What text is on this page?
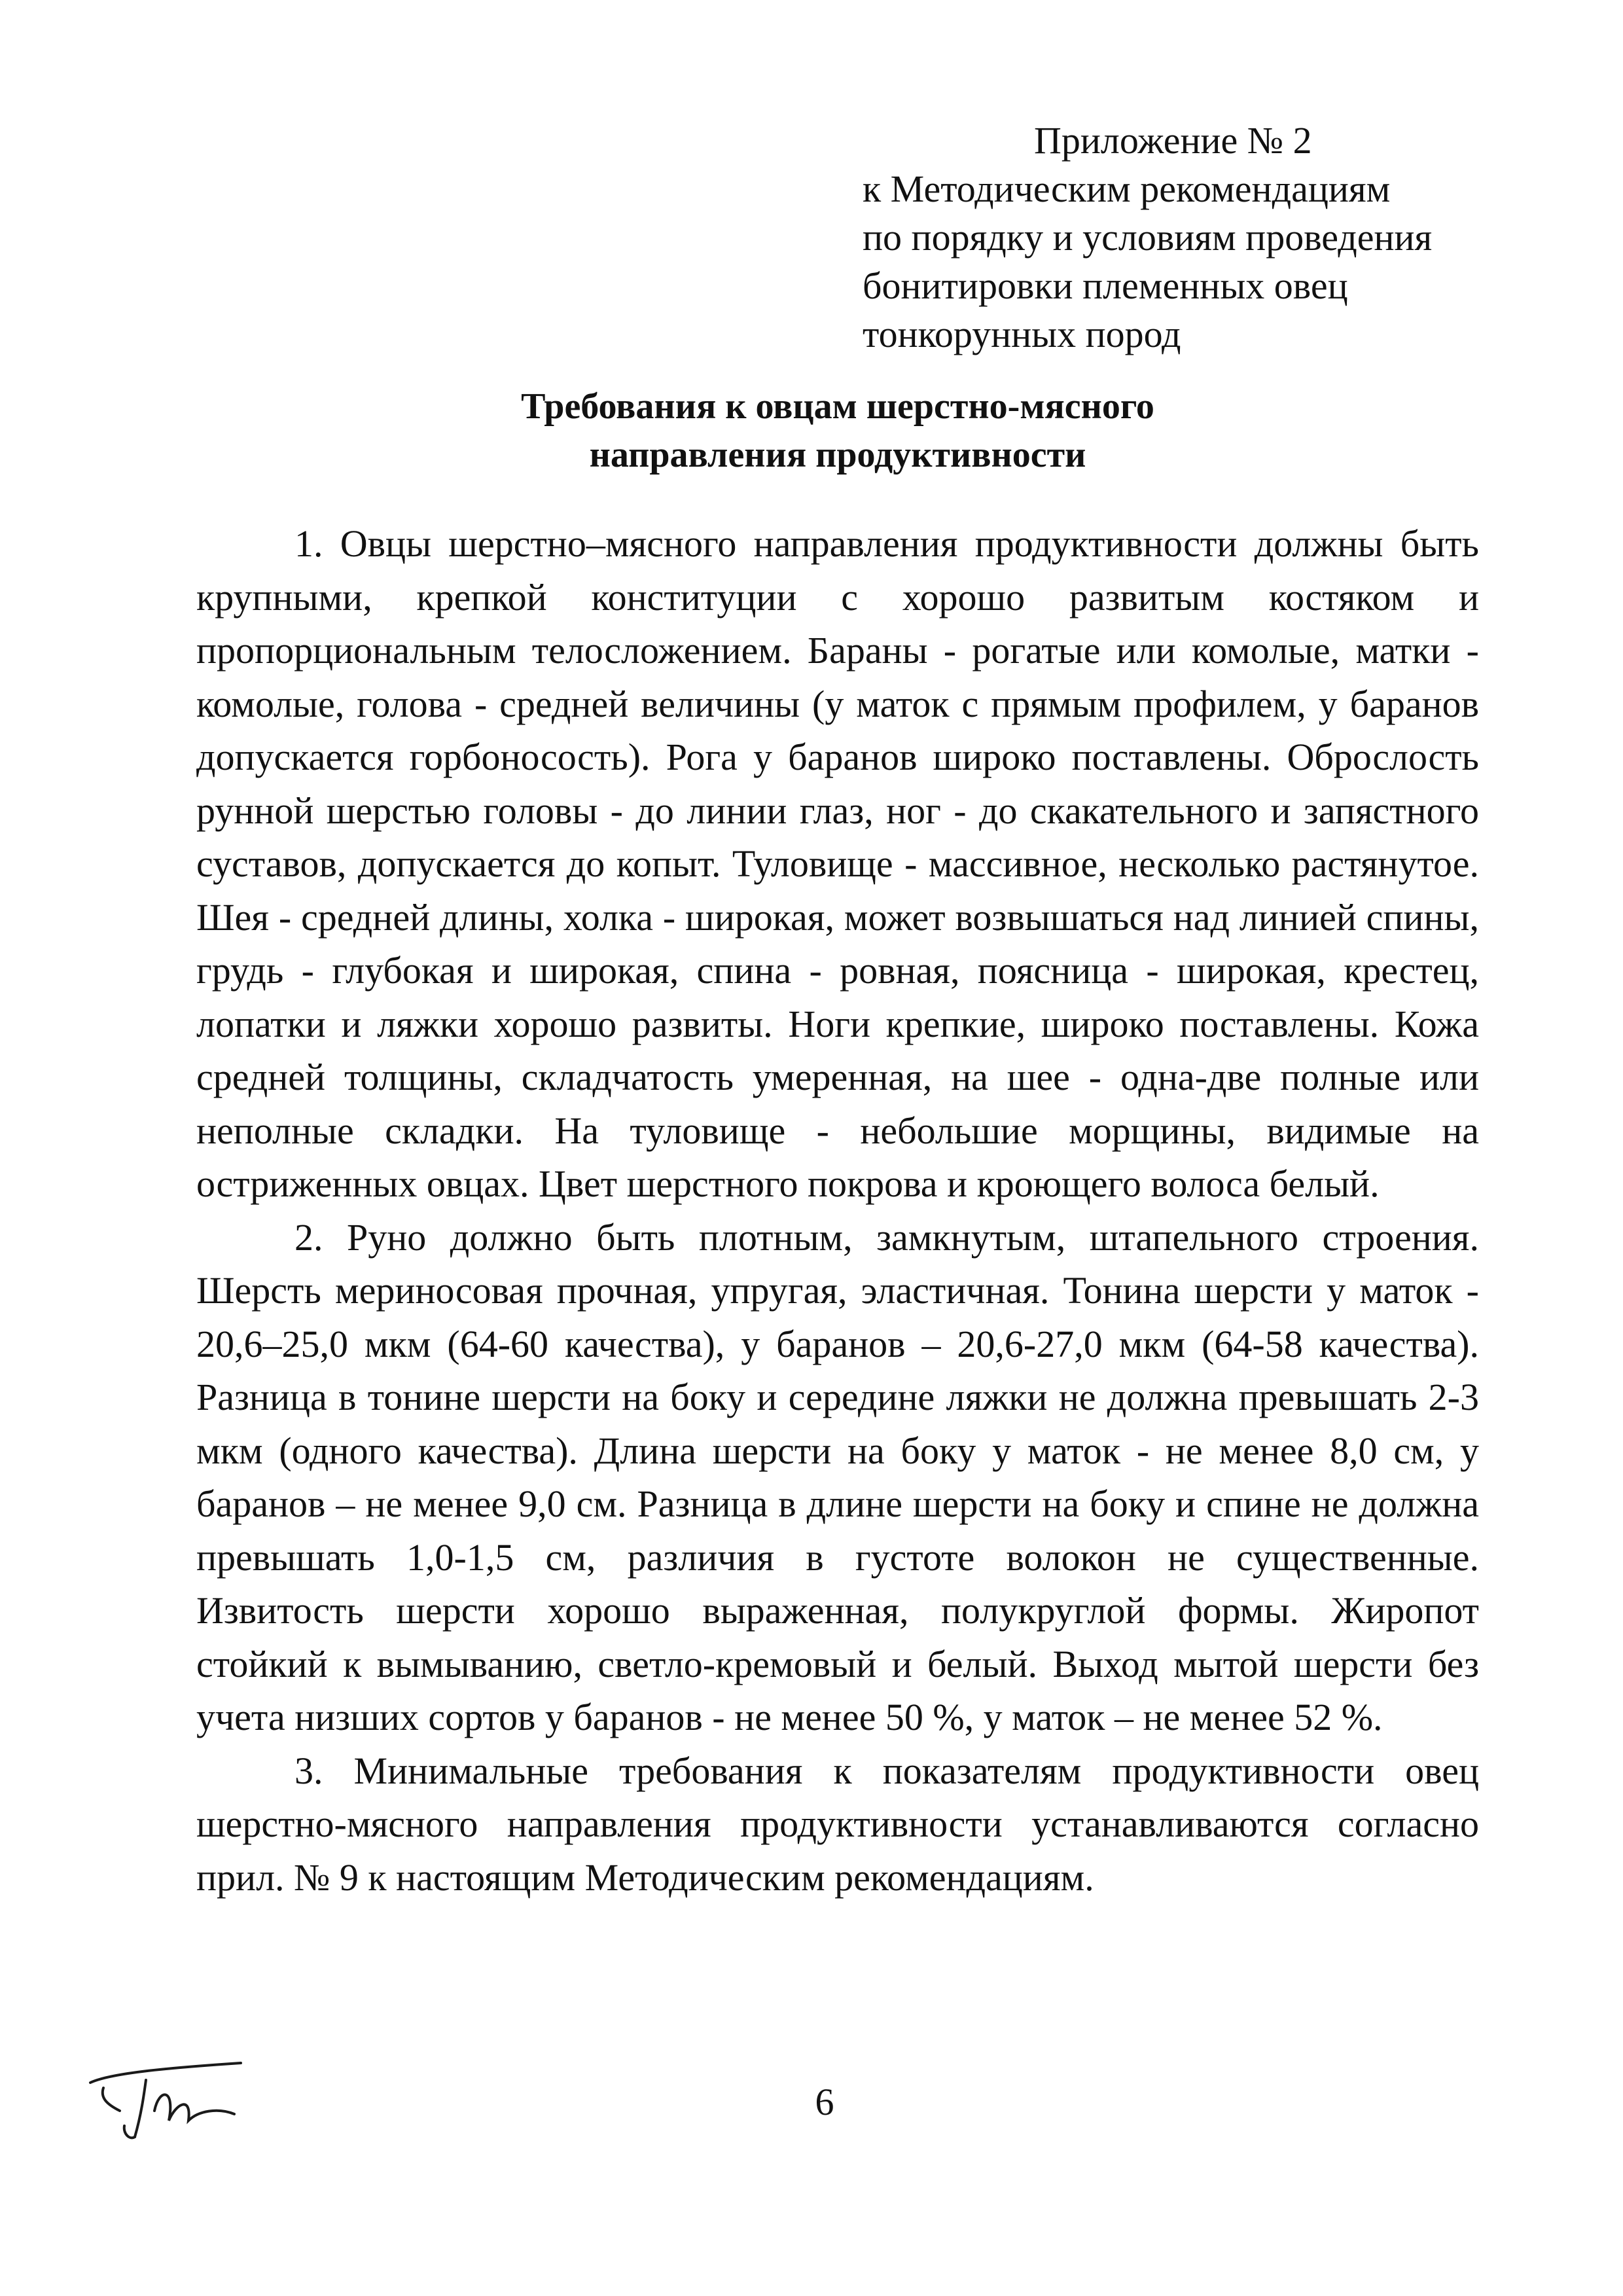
Приложение № 2
к Методическим рекомендациям
по порядку и условиям проведения
бонитировки племенных овец
тонкорунных пород
Требования к овцам шерстно-мясного
направления продуктивности

1. Овцы шерстно–мясного направления продуктивности должны быть крупными, крепкой конституции с хорошо развитым костяком и пропорциональным телосложением. Бараны - рогатые или комолые, матки - комолые, голова - средней величины (у маток с прямым профилем, у баранов допускается горбоносость). Рога у баранов широко поставлены. Оброслость рунной шерстью головы - до линии глаз, ног - до скакательного и запястного суставов, допускается до копыт. Туловище - массивное, несколько растянутое. Шея - средней длины, холка - широкая, может возвышаться над линией спины, грудь - глубокая и широкая, спина - ровная, поясница - широкая, крестец, лопатки и ляжки хорошо развиты. Ноги крепкие, широко поставлены. Кожа средней толщины, складчатость умеренная, на шее - одна-две полные или неполные складки. На туловище - небольшие морщины, видимые на остриженных овцах. Цвет шерстного покрова и кроющего волоса белый.

2. Руно должно быть плотным, замкнутым, штапельного строения. Шерсть мериносовая прочная, упругая, эластичная. Тонина шерсти у маток - 20,6–25,0 мкм (64-60 качества), у баранов – 20,6-27,0 мкм (64-58 качества). Разница в тонине шерсти на боку и середине ляжки не должна превышать 2-3 мкм (одного качества). Длина шерсти на боку у маток - не менее 8,0 см, у баранов – не менее 9,0 см. Разница в длине шерсти на боку и спине не должна превышать 1,0-1,5 см, различия в густоте волокон не существенные. Извитость шерсти хорошо выраженная, полукруглой формы. Жиропот стойкий к вымыванию, светло-кремовый и белый. Выход мытой шерсти без учета низших сортов у баранов - не менее 50 %, у маток – не менее 52 %.

3. Минимальные требования к показателям продуктивности овец шерстно-мясного направления продуктивности устанавливаются согласно прил. № 9 к настоящим Методическим рекомендациям.

6
